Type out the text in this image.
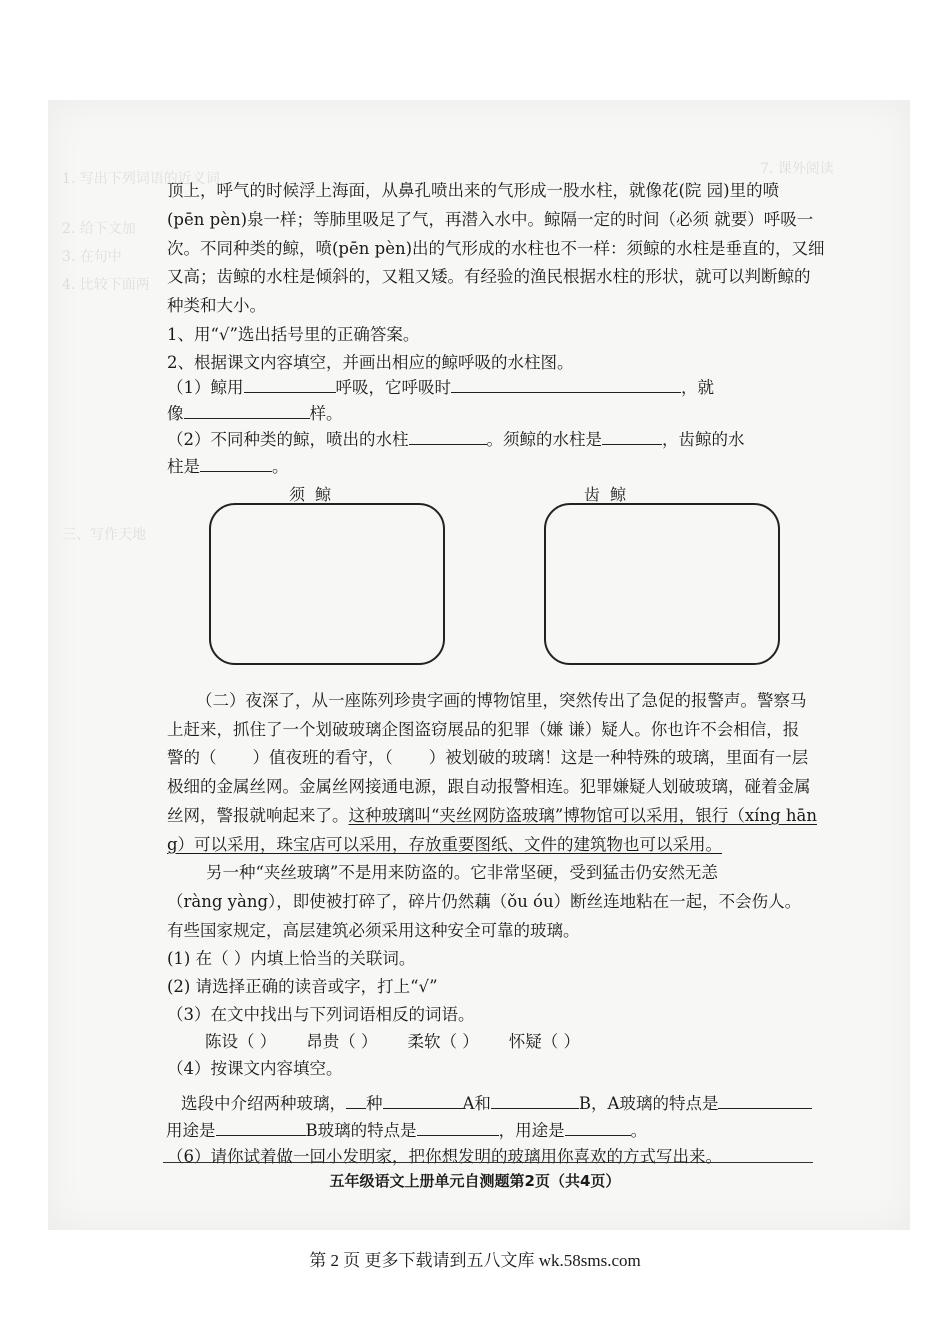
1. 写出下列词语的近义词
7. 课外阅读
2. 给下文加
3. 在句中
4. 比较下面两
三、写作天地
顶上，呼气的时候浮上海面，从鼻孔喷出来的气形成一股水柱，就像花(院 园)里的喷
(pēn pèn)泉一样；等肺里吸足了气，再潜入水中。鲸隔一定的时间（必须 就要）呼吸一
次。不同种类的鲸，喷(pēn pèn)出的气形成的水柱也不一样：须鲸的水柱是垂直的，又细
又高；齿鲸的水柱是倾斜的，又粗又矮。有经验的渔民根据水柱的形状，就可以判断鲸的
种类和大小。
1、用“√”选出括号里的正确答案。
2、根据课文内容填空，并画出相应的鲸呼吸的水柱图。
（1）鲸用	呼吸，它呼吸时	，就
像	样。
（2）不同种类的鲸，喷出的水柱	。须鲸的水柱是	，齿鲸的水
柱是	。
须鲸	齿鲸
（二）夜深了，从一座陈列珍贵字画的博物馆里，突然传出了急促的报警声。警察马
上赶来，抓住了一个划破玻璃企图盗窃展品的犯罪（嫌 谦）疑人。你也许不会相信，报
警的（ ）值夜班的看守，（ ）被划破的玻璃！这是一种特殊的玻璃，里面有一层
极细的金属丝网。金属丝网接通电源，跟自动报警相连。犯罪嫌疑人划破玻璃，碰着金属
丝网，警报就响起来了。这种玻璃叫“夹丝网防盗玻璃”博物馆可以采用，银行（xíng hān
g）可以采用，珠宝店可以采用，存放重要图纸、文件的建筑物也可以采用。
另一种“夹丝玻璃”不是用来防盗的。它非常坚硬，受到猛击仍安然无恙
（ràng yàng），即使被打碎了，碎片仍然藕（ǒu óu）断丝连地粘在一起，不会伤人。
有些国家规定，高层建筑必须采用这种安全可靠的玻璃。
(1) 在（ ）内填上恰当的关联词。
(2) 请选择正确的读音或字，打上“√”
（3）在文中找出与下列词语相反的词语。
陈设（ ） 昂贵（ ） 柔软（ ） 怀疑（ ）
（4）按课文内容填空。
选段中介绍两种玻璃， 种	A和	B，A玻璃的特点是
用途是	B玻璃的特点是	，用途是	。
（6）请你试着做一回小发明家，把你想发明的玻璃用你喜欢的方式写出来。
五年级语文上册单元自测题第2页（共4页）
第 2 页 更多下载请到五八文库 wk.58sms.com
